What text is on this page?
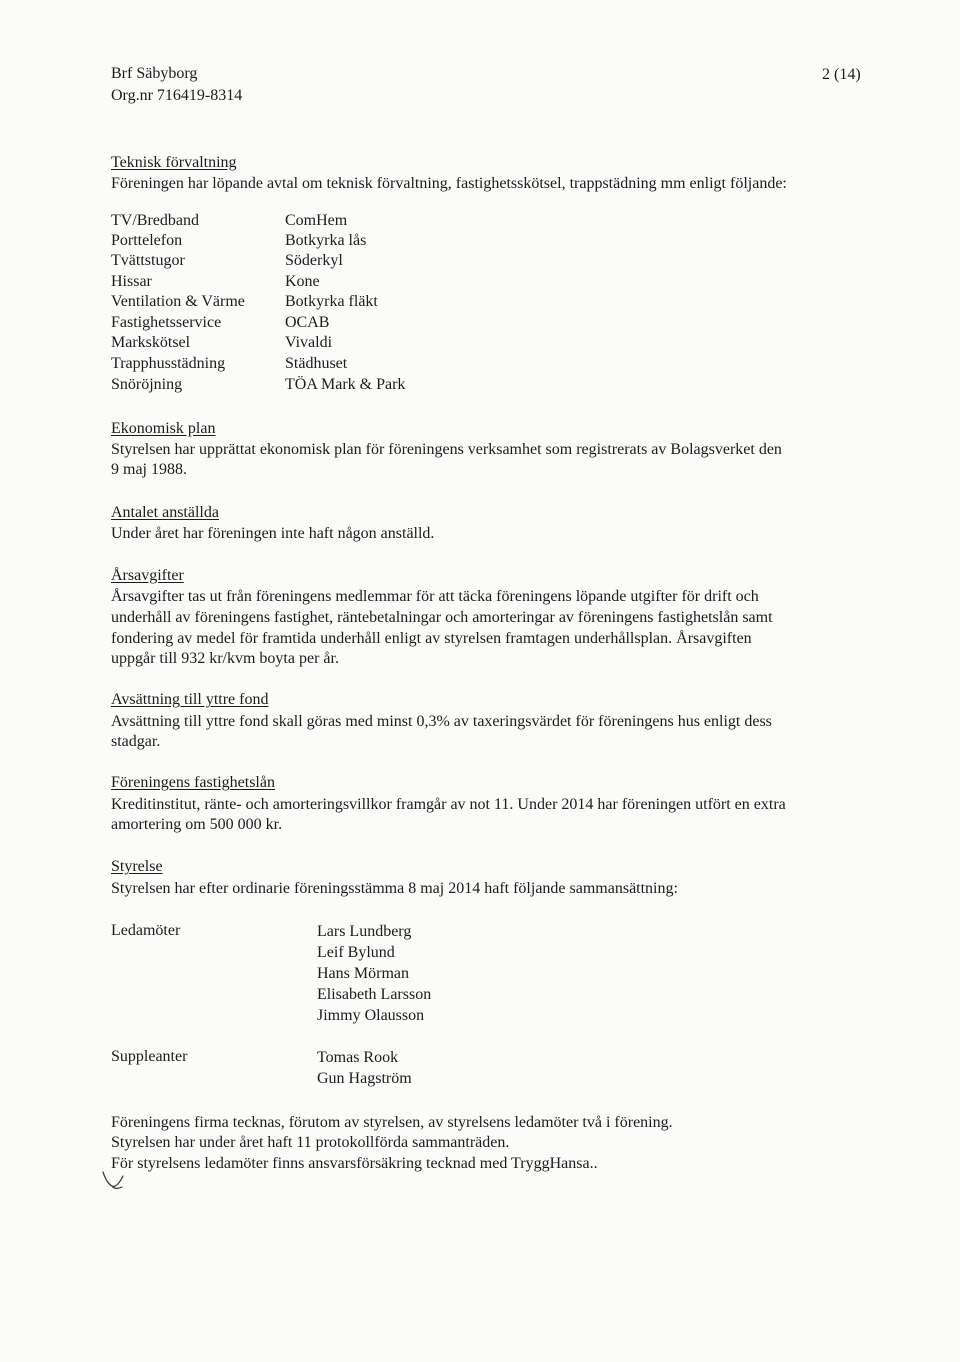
Brf Säbyborg
Org.nr 716419-8314
2 (14)
Teknisk förvaltning
Föreningen har löpande avtal om teknisk förvaltning, fastighetsskötsel, trappstädning mm enligt följande:
TV/Bredband	ComHem
Porttelefon	Botkyrka lås
Tvättstugor	Söderkyl
Hissar	Kone
Ventilation & Värme	Botkyrka fläkt
Fastighetsservice	OCAB
Markskötsel	Vivaldi
Trapphusstädning	Städhuset
Snöröjning	TÖA Mark & Park
Ekonomisk plan
Styrelsen har upprättat ekonomisk plan för föreningens verksamhet som registrerats av Bolagsverket den
9 maj 1988.
Antalet anställda
Under året har föreningen inte haft någon anställd.
Årsavgifter
Årsavgifter tas ut från föreningens medlemmar för att täcka föreningens löpande utgifter för drift och
underhåll av föreningens fastighet, räntebetalningar och amorteringar av föreningens fastighetslån samt
fondering av medel för framtida underhåll enligt av styrelsen framtagen underhållsplan. Årsavgiften
uppgår till 932 kr/kvm boyta per år.
Avsättning till yttre fond
Avsättning till yttre fond skall göras med minst 0,3% av taxeringsvärdet för föreningens hus enligt dess
stadgar.
Föreningens fastighetslån
Kreditinstitut, ränte- och amorteringsvillkor framgår av not 11. Under 2014 har föreningen utfört en extra
amortering om 500 000 kr.
Styrelse
Styrelsen har efter ordinarie föreningsstämma 8 maj 2014 haft följande sammansättning:
Ledamöter	Lars Lundberg
Leif Bylund
Hans Mörman
Elisabeth Larsson
Jimmy Olausson
Suppleanter	Tomas Rook
Gun Hagström
Föreningens firma tecknas, förutom av styrelsen, av styrelsens ledamöter två i förening.
Styrelsen har under året haft 11 protokollförda sammanträden.
För styrelsens ledamöter finns ansvarsförsäkring tecknad med TryggHansa..
